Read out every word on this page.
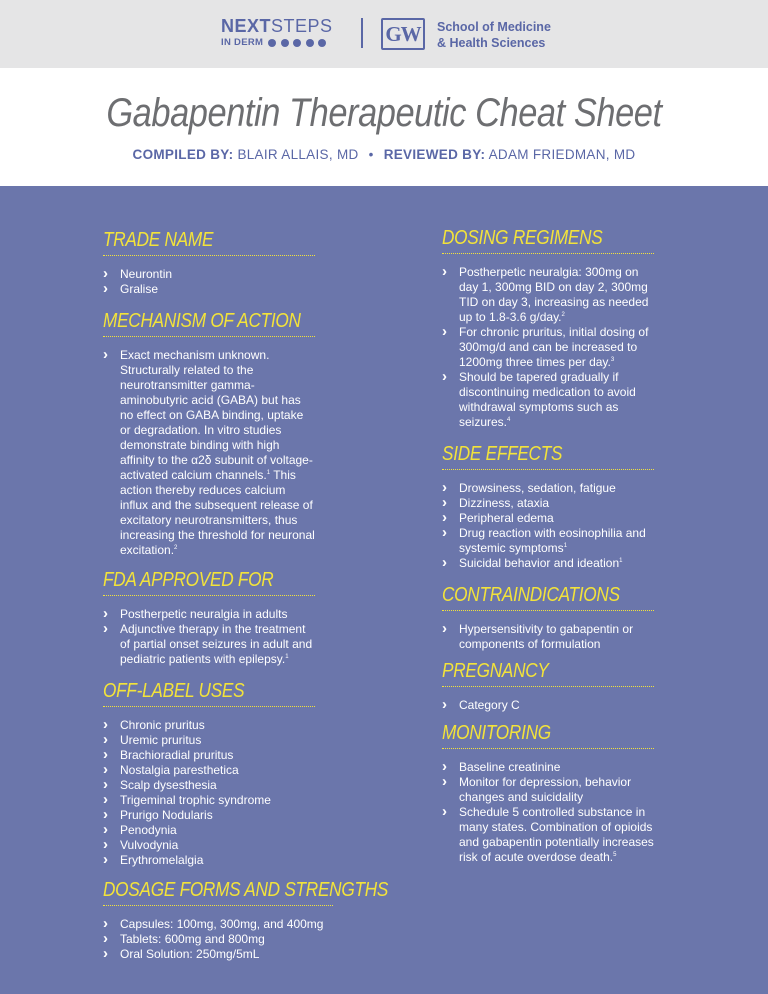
NEXTSTEPS
IN DERM	GW School of Medicine
& Health Sciences
Gabapentin Therapeutic Cheat Sheet
COMPILED BY: BLAIR ALLAIS, MD • REVIEWED BY: ADAM FRIEDMAN, MD
TRADE NAME
› Neurontin
› Gralise
MECHANISM OF ACTION
› Exact mechanism unknown. Structurally related to the neurotransmitter gamma-aminobutyric acid (GABA) but has no effect on GABA binding, uptake or degradation. In vitro studies demonstrate binding with high affinity to the α2δ subunit of voltage-activated calcium channels.$^1$ This action thereby reduces calcium influx and the subsequent release of excitatory neurotransmitters, thus increasing the threshold for neuronal excitation.$^2$
FDA APPROVED FOR
› Postherpetic neuralgia in adults
› Adjunctive therapy in the treatment of partial onset seizures in adult and pediatric patients with epilepsy.$^1$
OFF-LABEL USES
› Chronic pruritus
› Uremic pruritus
› Brachioradial pruritus
› Nostalgia paresthetica
› Scalp dysesthesia
› Trigeminal trophic syndrome
› Prurigo Nodularis
› Penodynia
› Vulvodynia
› Erythromelalgia
DOSAGE FORMS AND STRENGTHS
› Capsules: 100mg, 300mg, and 400mg
› Tablets: 600mg and 800mg
› Oral Solution: 250mg/5mL
DOSING REGIMENS
› Postherpetic neuralgia: 300mg on day 1, 300mg BID on day 2, 300mg TID on day 3, increasing as needed up to 1.8-3.6 g/day.$^2$
› For chronic pruritus, initial dosing of 300mg/d and can be increased to 1200mg three times per day.$^3$
› Should be tapered gradually if discontinuing medication to avoid withdrawal symptoms such as seizures.$^4$
SIDE EFFECTS
› Drowsiness, sedation, fatigue
› Dizziness, ataxia
› Peripheral edema
› Drug reaction with eosinophilia and systemic symptoms$^1$
› Suicidal behavior and ideation$^1$
CONTRAINDICATIONS
› Hypersensitivity to gabapentin or components of formulation
PREGNANCY
› Category C
MONITORING
› Baseline creatinine
› Monitor for depression, behavior changes and suicidality
› Schedule 5 controlled substance in many states. Combination of opioids and gabapentin potentially increases risk of acute overdose death.$^5$
